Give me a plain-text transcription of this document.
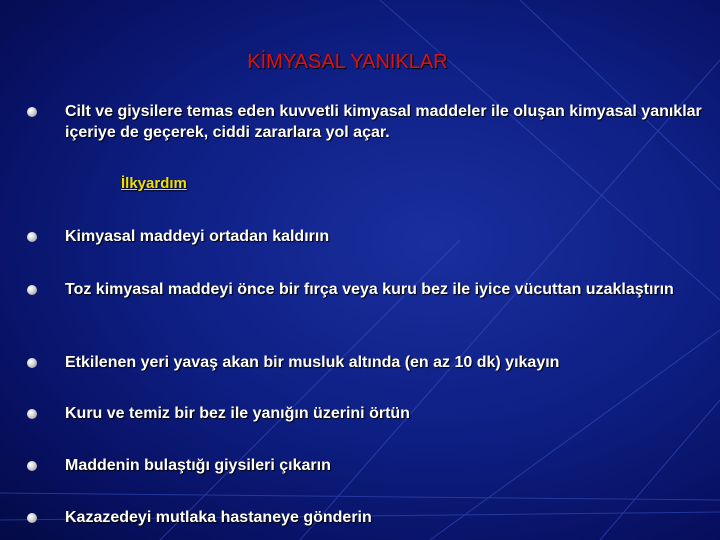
KİMYASAL YANIKLAR
Cilt ve giysilere temas eden kuvvetli kimyasal maddeler ile oluşan kimyasal yanıklar içeriye de geçerek, ciddi zararlara yol açar.
İlkyardım
Kimyasal maddeyi ortadan kaldırın
Toz kimyasal maddeyi önce bir fırça veya kuru bez ile iyice vücuttan uzaklaştırın
Etkilenen yeri yavaş akan bir musluk altında (en az 10 dk) yıkayın
Kuru ve temiz bir bez ile yanığın üzerini örtün
Maddenin bulaştığı giysileri çıkarın
Kazazedeyi mutlaka hastaneye gönderin
